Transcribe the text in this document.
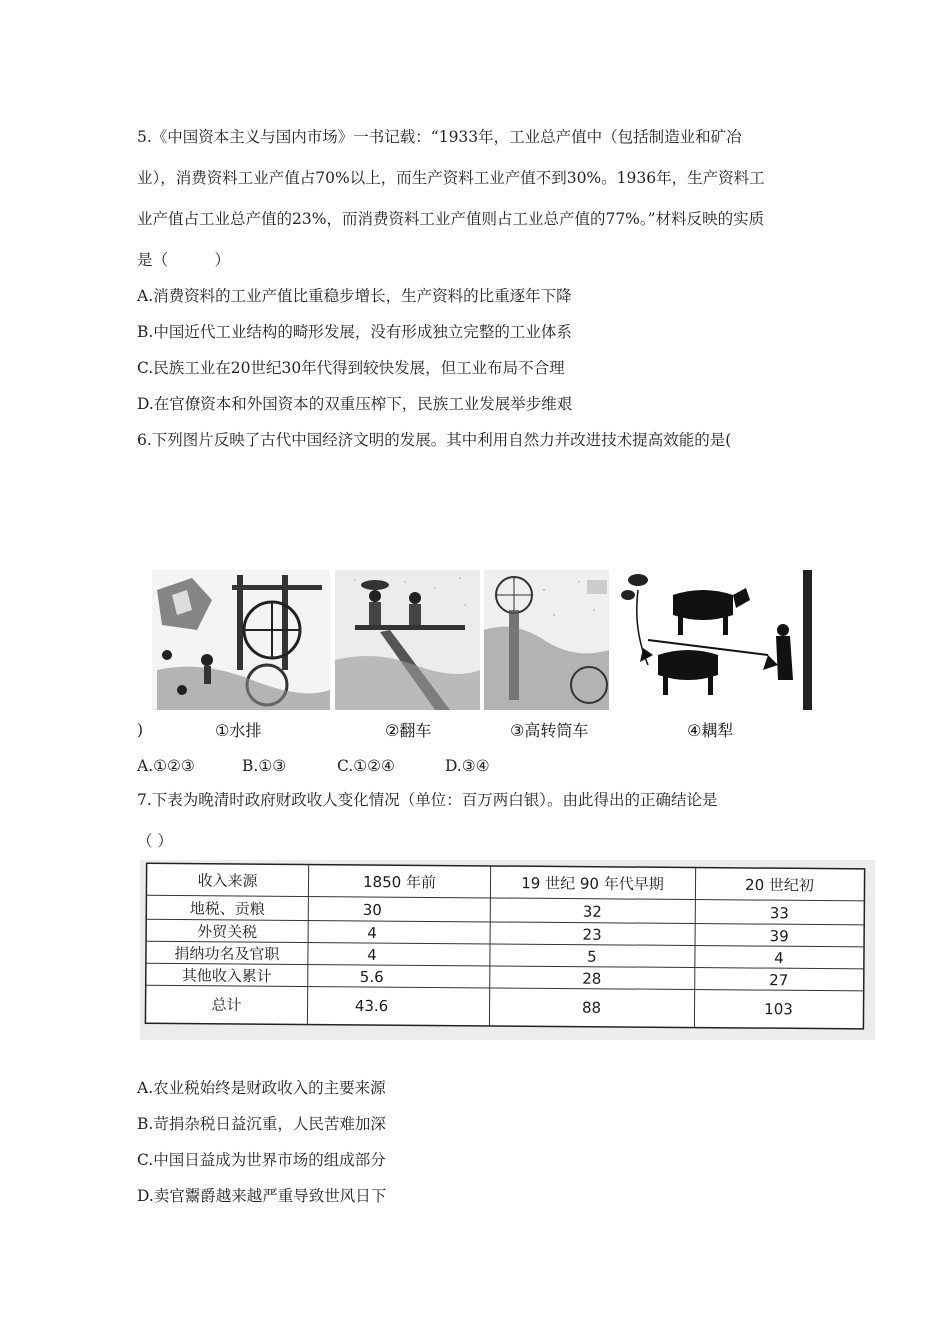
5.《中国资本主义与国内市场》一书记载：“1933年，工业总产值中（包括制造业和矿冶
业），消费资料工业产值占70%以上，而生产资料工业产值不到30%。1936年，生产资料工
业产值占工业总产值的23%，而消费资料工业产值则占工业总产值的77%。”材料反映的实质
是（　　　）
A.消费资料的工业产值比重稳步增长，生产资料的比重逐年下降
B.中国近代工业结构的畸形发展，没有形成独立完整的工业体系
C.民族工业在20世纪30年代得到较快发展，但工业布局不合理
D.在官僚资本和外国资本的双重压榨下，民族工业发展举步维艰
6.下列图片反映了古代中国经济文明的发展。其中利用自然力并改进技术提高效能的是(
)	①水排	②翻车	③高转筒车	④耦犁
A.①②③	B.①③	C.①②④	D.③④
7.下表为晚清时政府财政收人变化情况（单位：百万两白银）。由此得出的正确结论是
（ ）
收入来源	1850 年前	19 世纪 90 年代早期	20 世纪初
地税、贡粮	30	32	33
外贸关税	4	23	39
捐纳功名及官职	4	5	4
其他收入累计	5.6	28	27
总计	43.6	88	103
A.农业税始终是财政收入的主要来源
B.苛捐杂税日益沉重，人民苦难加深
C.中国日益成为世界市场的组成部分
D.卖官鬻爵越来越严重导致世风日下
